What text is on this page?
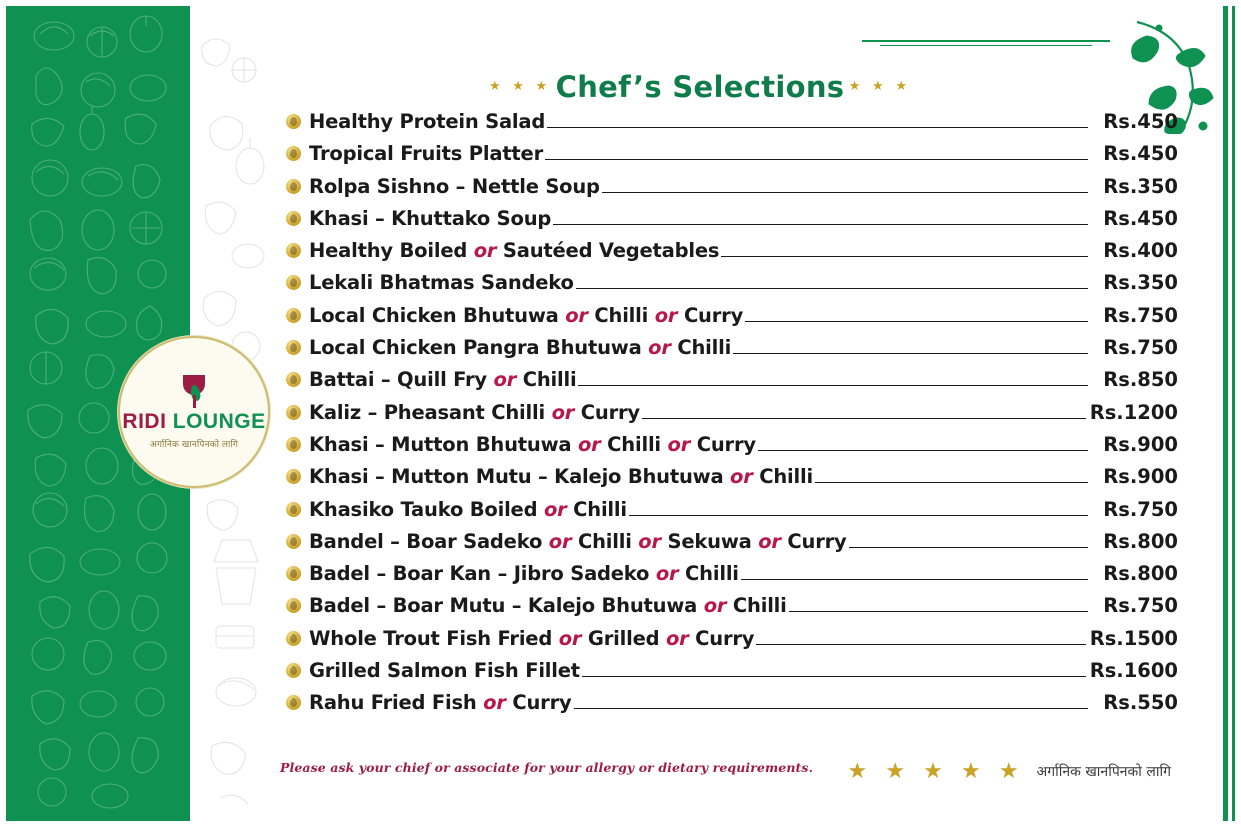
RIDI LOUNGE
अर्गानिक खानपिनको लागि
★ ★ ★ Chef’s Selections ★ ★ ★
Healthy Protein Salad	Rs.450
Tropical Fruits Platter	Rs.450
Rolpa Sishno – Nettle Soup	Rs.350
Khasi – Khuttako Soup	Rs.450
Healthy Boiled or Sautéed Vegetables	Rs.400
Lekali Bhatmas Sandeko	Rs.350
Local Chicken Bhutuwa or Chilli or Curry	Rs.750
Local Chicken Pangra Bhutuwa or Chilli	Rs.750
Battai – Quill Fry or Chilli	Rs.850
Kaliz – Pheasant Chilli or Curry	Rs.1200
Khasi – Mutton Bhutuwa or Chilli or Curry	Rs.900
Khasi – Mutton Mutu – Kalejo Bhutuwa or Chilli	Rs.900
Khasiko Tauko Boiled or Chilli	Rs.750
Bandel – Boar Sadeko or Chilli or Sekuwa or Curry	Rs.800
Badel – Boar Kan – Jibro Sadeko or Chilli	Rs.800
Badel – Boar Mutu – Kalejo Bhutuwa or Chilli	Rs.750
Whole Trout Fish Fried or Grilled or Curry	Rs.1500
Grilled Salmon Fish Fillet	Rs.1600
Rahu Fried Fish or Curry	Rs.550
Please ask your chief or associate for your allergy or dietary requirements. ★ ★ ★ ★ ★ अर्गानिक खानपिनको लागि
